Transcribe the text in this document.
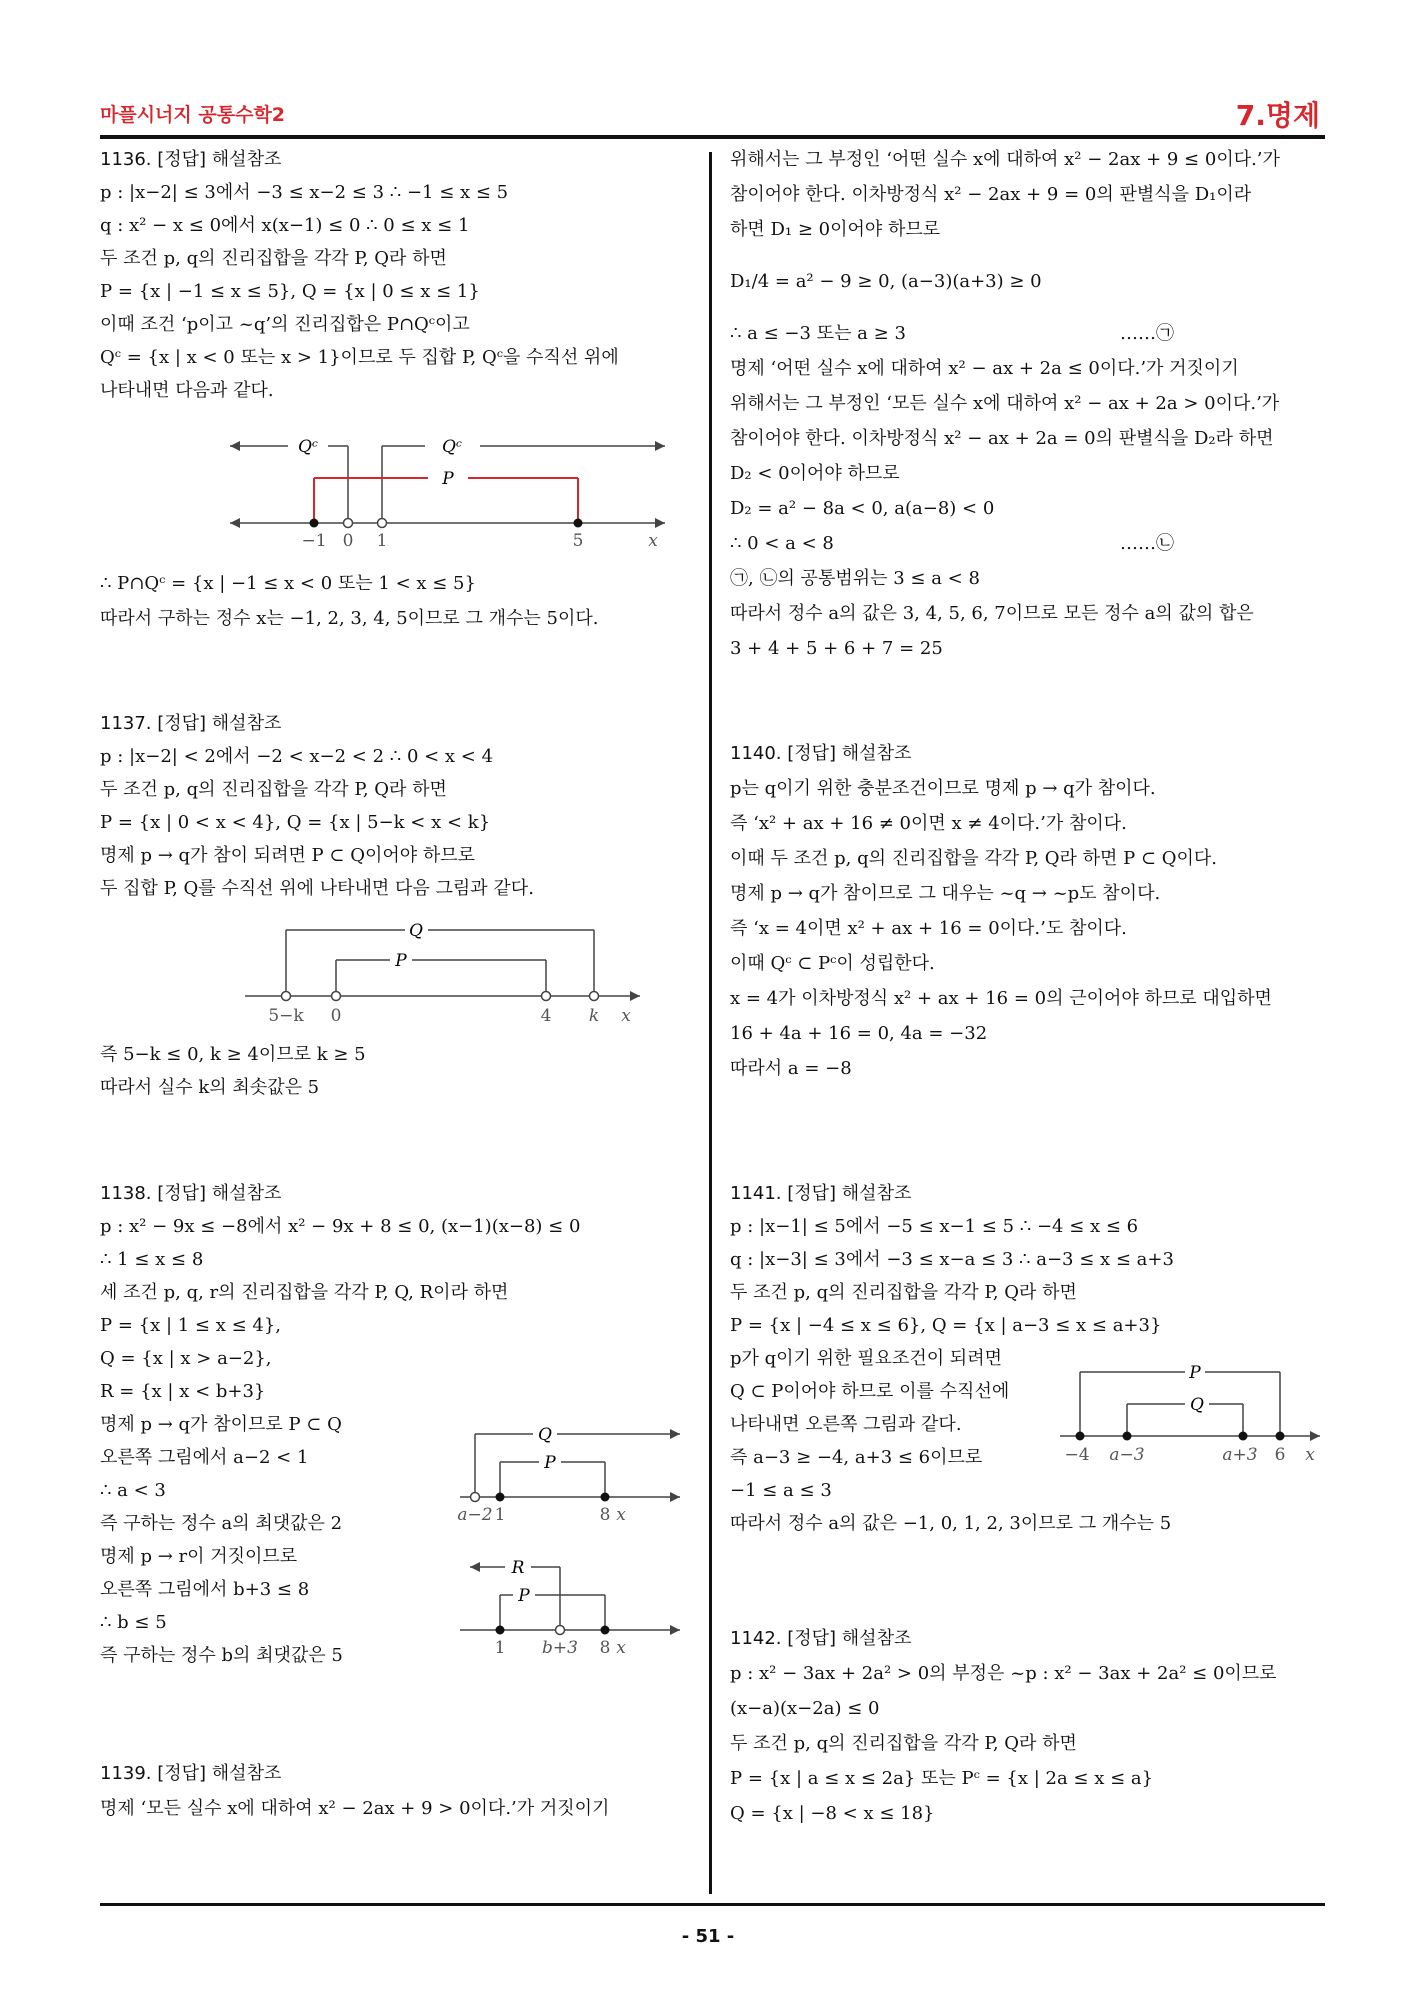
마플시너지 공통수학2	7.명제
1136. [정답] 해설참조
p : |x−2| ≤ 3에서 −3 ≤ x−2 ≤ 3 ∴ −1 ≤ x ≤ 5
q : x² − x ≤ 0에서 x(x−1) ≤ 0 ∴ 0 ≤ x ≤ 1
두 조건 p, q의 진리집합을 각각 P, Q라 하면
P = {x | −1 ≤ x ≤ 5}, Q = {x | 0 ≤ x ≤ 1}
이때 조건 ‘p이고 ~q’의 진리집합은 P∩Qᶜ이고
Qᶜ = {x | x < 0 또는 x > 1}이므로 두 집합 P, Qᶜ을 수직선 위에
나타내면 다음과 같다.
Qᶜ	Qᶜ
P
−1 0 1	5	x
∴ P∩Qᶜ = {x | −1 ≤ x < 0 또는 1 < x ≤ 5}
따라서 구하는 정수 x는 −1, 2, 3, 4, 5이므로 그 개수는 5이다.
1137. [정답] 해설참조
p : |x−2| < 2에서 −2 < x−2 < 2 ∴ 0 < x < 4
두 조건 p, q의 진리집합을 각각 P, Q라 하면
P = {x | 0 < x < 4}, Q = {x | 5−k < x < k}
명제 p → q가 참이 되려면 P ⊂ Q이어야 하므로
두 집합 P, Q를 수직선 위에 나타내면 다음 그림과 같다.
Q
P
5−k 0	4 k x
즉 5−k ≤ 0, k ≥ 4이므로 k ≥ 5
따라서 실수 k의 최솟값은 5
1138. [정답] 해설참조
p : x² − 9x ≤ −8에서 x² − 9x + 8 ≤ 0, (x−1)(x−8) ≤ 0
∴ 1 ≤ x ≤ 8
세 조건 p, q, r의 진리집합을 각각 P, Q, R이라 하면
P = {x | 1 ≤ x ≤ 4},
Q = {x | x > a−2},
R = {x | x < b+3}
명제 p → q가 참이므로 P ⊂ Q
오른쪽 그림에서 a−2 < 1
∴ a < 3
즉 구하는 정수 a의 최댓값은 2
명제 p → r이 거짓이므로
오른쪽 그림에서 b+3 ≤ 8
∴ b ≤ 5
즉 구하는 정수 b의 최댓값은 5
Q
P
a−2 1	8 x
R
P
1 b+3 8 x
1139. [정답] 해설참조
명제 ‘모든 실수 x에 대하여 x² − 2ax + 9 > 0이다.’가 거짓이기
위해서는 그 부정인 ‘어떤 실수 x에 대하여 x² − 2ax + 9 ≤ 0이다.’가
참이어야 한다. 이차방정식 x² − 2ax + 9 = 0의 판별식을 D₁이라
하면 D₁ ≥ 0이어야 하므로
D₁/4 = a² − 9 ≥ 0, (a−3)(a+3) ≥ 0
∴ a ≤ −3 또는 a ≥ 3	……㉠
명제 ‘어떤 실수 x에 대하여 x² − ax + 2a ≤ 0이다.’가 거짓이기
위해서는 그 부정인 ‘모든 실수 x에 대하여 x² − ax + 2a > 0이다.’가
참이어야 한다. 이차방정식 x² − ax + 2a = 0의 판별식을 D₂라 하면
D₂ < 0이어야 하므로
D₂ = a² − 8a < 0, a(a−8) < 0
∴ 0 < a < 8	……㉡
㉠, ㉡의 공통범위는 3 ≤ a < 8
따라서 정수 a의 값은 3, 4, 5, 6, 7이므로 모든 정수 a의 값의 합은
3 + 4 + 5 + 6 + 7 = 25
1140. [정답] 해설참조
p는 q이기 위한 충분조건이므로 명제 p → q가 참이다.
즉 ‘x² + ax + 16 ≠ 0이면 x ≠ 4이다.’가 참이다.
이때 두 조건 p, q의 진리집합을 각각 P, Q라 하면 P ⊂ Q이다.
명제 p → q가 참이므로 그 대우는 ~q → ~p도 참이다.
즉 ‘x = 4이면 x² + ax + 16 = 0이다.’도 참이다.
이때 Qᶜ ⊂ Pᶜ이 성립한다.
x = 4가 이차방정식 x² + ax + 16 = 0의 근이어야 하므로 대입하면
16 + 4a + 16 = 0, 4a = −32
따라서 a = −8
1141. [정답] 해설참조
p : |x−1| ≤ 5에서 −5 ≤ x−1 ≤ 5 ∴ −4 ≤ x ≤ 6
q : |x−3| ≤ 3에서 −3 ≤ x−a ≤ 3 ∴ a−3 ≤ x ≤ a+3
두 조건 p, q의 진리집합을 각각 P, Q라 하면
P = {x | −4 ≤ x ≤ 6}, Q = {x | a−3 ≤ x ≤ a+3}
p가 q이기 위한 필요조건이 되려면
Q ⊂ P이어야 하므로 이를 수직선에
나타내면 오른쪽 그림과 같다.
즉 a−3 ≥ −4, a+3 ≤ 6이므로
−1 ≤ a ≤ 3
따라서 정수 a의 값은 −1, 0, 1, 2, 3이므로 그 개수는 5
P
Q
−4 a−3	a+3 6 x
1142. [정답] 해설참조
p : x² − 3ax + 2a² > 0의 부정은 ~p : x² − 3ax + 2a² ≤ 0이므로
(x−a)(x−2a) ≤ 0
두 조건 p, q의 진리집합을 각각 P, Q라 하면
P = {x | a ≤ x ≤ 2a} 또는 Pᶜ = {x | 2a ≤ x ≤ a}
Q = {x | −8 < x ≤ 18}
- 51 -
